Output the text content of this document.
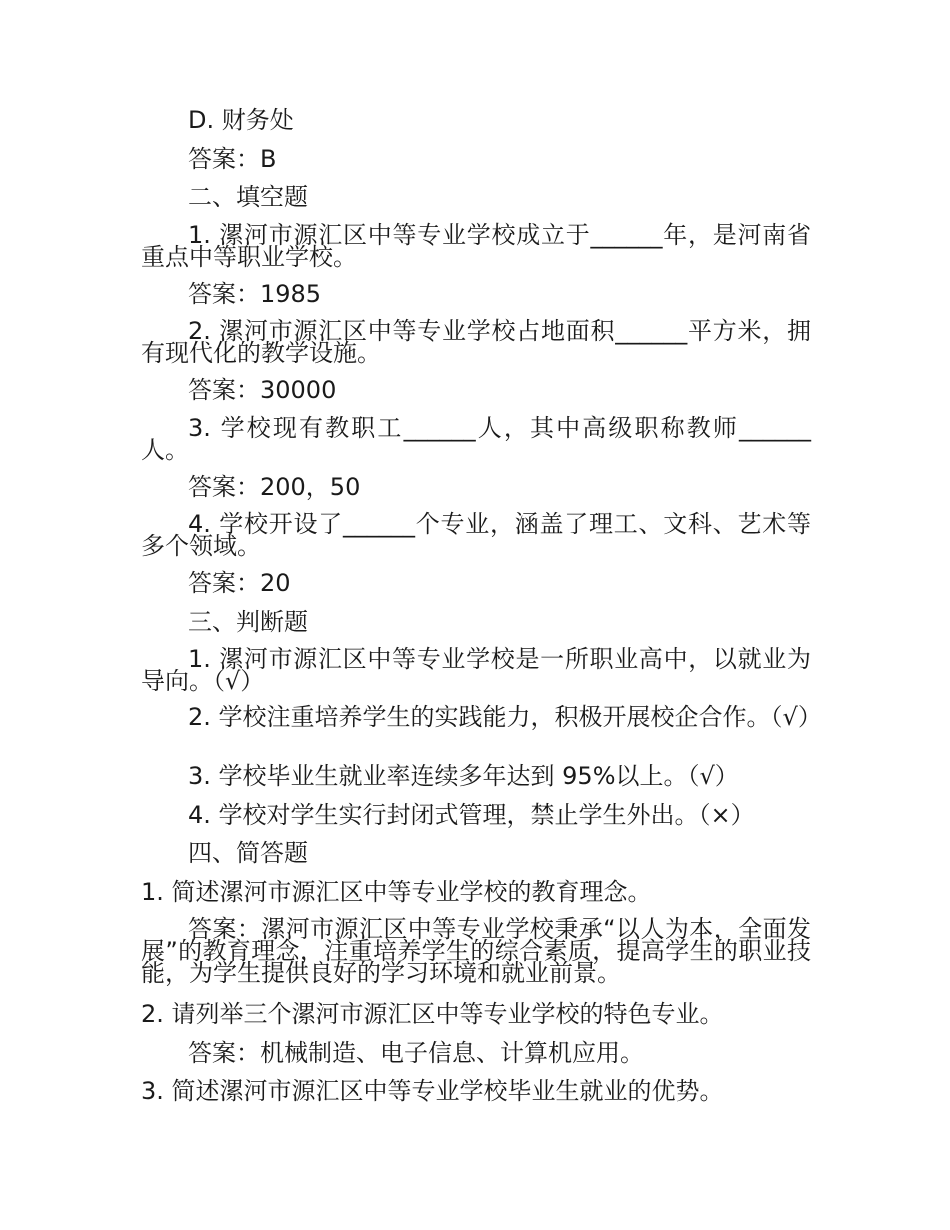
D. 财务处
答案：B
二、填空题
1. 漯河市源汇区中等专业学校成立于______年，是河南省重点中等职业学校。
答案：1985
2. 漯河市源汇区中等专业学校占地面积______平方米，拥有现代化的教学设施。
答案：30000
3. 学校现有教职工______人，其中高级职称教师______人。
答案：200，50
4. 学校开设了______个专业，涵盖了理工、文科、艺术等多个领域。
答案：20
三、判断题
1. 漯河市源汇区中等专业学校是一所职业高中，以就业为导向。（√）
2. 学校注重培养学生的实践能力，积极开展校企合作。（√）
3. 学校毕业生就业率连续多年达到 95%以上。（√）
4. 学校对学生实行封闭式管理，禁止学生外出。（×）
四、简答题
1. 简述漯河市源汇区中等专业学校的教育理念。
答案：漯河市源汇区中等专业学校秉承“以人为本，全面发展”的教育理念，注重培养学生的综合素质，提高学生的职业技能，为学生提供良好的学习环境和就业前景。
2. 请列举三个漯河市源汇区中等专业学校的特色专业。
答案：机械制造、电子信息、计算机应用。
3. 简述漯河市源汇区中等专业学校毕业生就业的优势。
